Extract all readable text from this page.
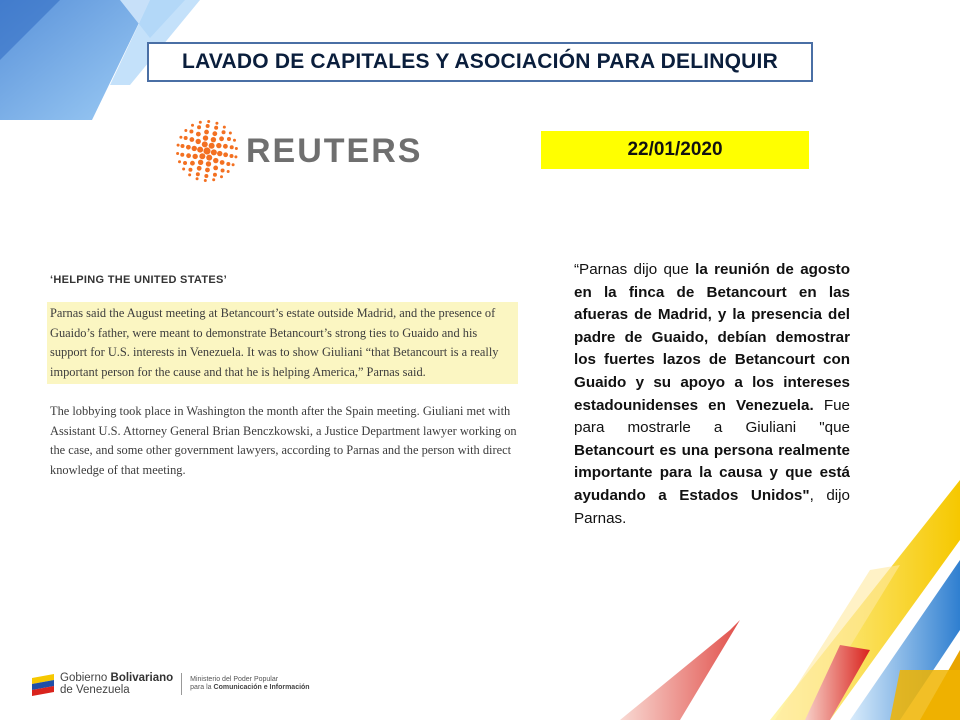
LAVADO DE CAPITALES Y ASOCIACIÓN PARA DELINQUIR
REUTERS	22/01/2020
‘HELPING THE UNITED STATES’
Parnas said the August meeting at Betancourt’s estate outside Madrid, and the presence of Guaido’s father, were meant to demonstrate Betancourt’s strong ties to Guaido and his support for U.S. interests in Venezuela. It was to show Giuliani “that Betancourt is a really important person for the cause and that he is helping America,” Parnas said.
The lobbying took place in Washington the month after the Spain meeting. Giuliani met with Assistant U.S. Attorney General Brian Benczkowski, a Justice Department lawyer working on the case, and some other government lawyers, according to Parnas and the person with direct knowledge of that meeting.
“Parnas dijo que la reunión de agosto en la finca de Betancourt en las afueras de Madrid, y la presencia del padre de Guaido, debían demostrar los fuertes lazos de Betancourt con Guaido y su apoyo a los intereses estadounidenses en Venezuela. Fue para mostrarle a Giuliani "que Betancourt es una persona realmente importante para la causa y que está ayudando a Estados Unidos", dijo Parnas.
Gobierno Bolivariano
de Venezuela
Ministerio del Poder Popular
para la Comunicación e Información
